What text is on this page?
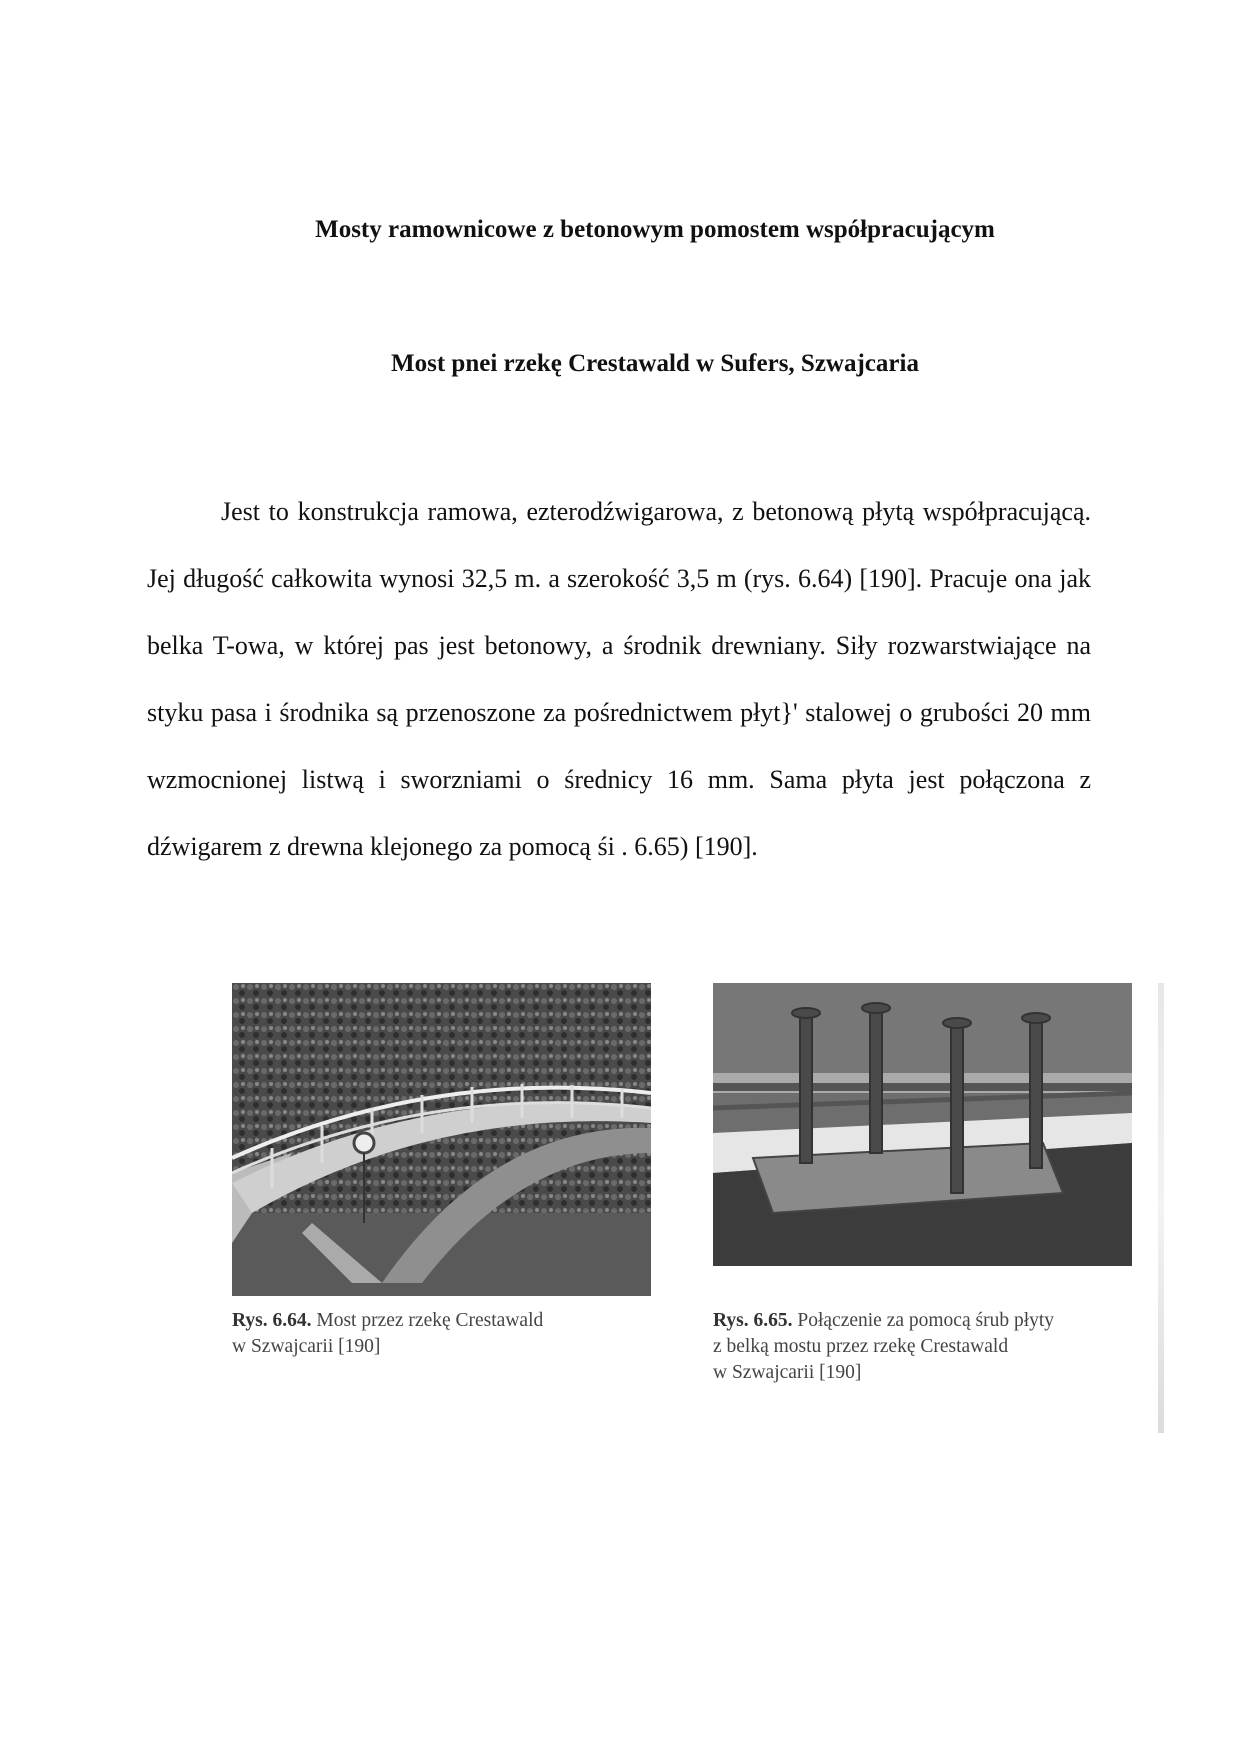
Mosty ramownicowe z betonowym pomostem współpracującym
Most pnei rzekę Crestawald w Sufers, Szwajcaria

Jest to konstrukcja ramowa, ezterodźwigarowa, z betonową płytą współpracującą. Jej długość całkowita wynosi 32,5 m. a szerokość 3,5 m (rys. 6.64) [190]. Pracuje ona jak belka T-owa, w której pas jest betonowy, a środnik drewniany. Siły rozwarstwiające na styku pasa i środnika są przenoszone za pośrednictwem płyt}' stalowej o grubości 20 mm wzmocnionej listwą i sworzniami o średnicy 16 mm. Sama płyta jest połączona z dźwigarem z drewna klejonego za pomocą śi . 6.65) [190].

Rys. 6.64. Most przez rzekę Crestawald
w Szwajcarii [190]
Rys. 6.65. Połączenie za pomocą śrub płyty
z belką mostu przez rzekę Crestawald
w Szwajcarii [190]
